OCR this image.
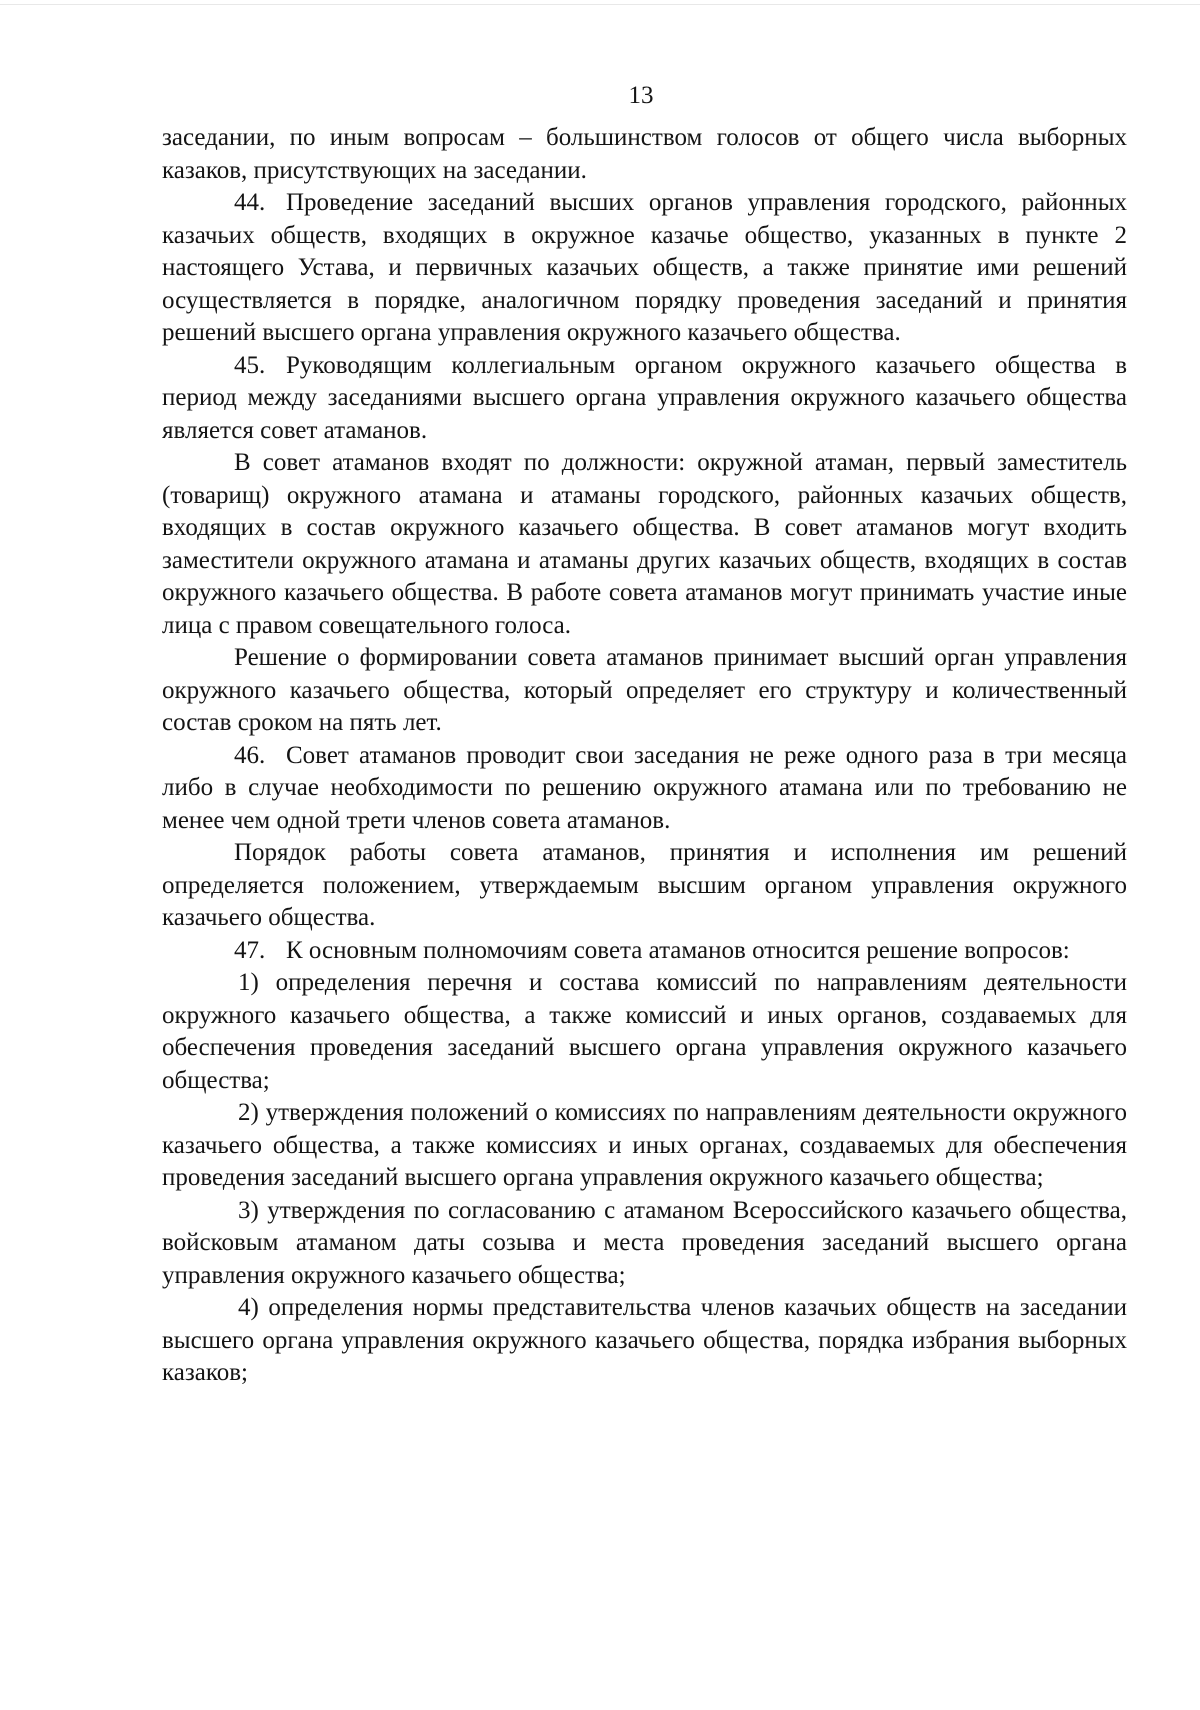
13

заседании, по иным вопросам – большинством голосов от общего числа выборных казаков, присутствующих на заседании.

44. Проведение заседаний высших органов управления городского, районных казачьих обществ, входящих в окружное казачье общество, указанных в пункте 2 настоящего Устава, и первичных казачьих обществ, а также принятие ими решений осуществляется в порядке, аналогичном порядку проведения заседаний и принятия решений высшего органа управления окружного казачьего общества.

45. Руководящим коллегиальным органом окружного казачьего общества в период между заседаниями высшего органа управления окружного казачьего общества является совет атаманов.

В совет атаманов входят по должности: окружной атаман, первый заместитель (товарищ) окружного атамана и атаманы городского, районных казачьих обществ, входящих в состав окружного казачьего общества. В совет атаманов могут входить заместители окружного атамана и атаманы других казачьих обществ, входящих в состав окружного казачьего общества. В работе совета атаманов могут принимать участие иные лица с правом совещательного голоса.

Решение о формировании совета атаманов принимает высший орган управления окружного казачьего общества, который определяет его структуру и количественный состав сроком на пять лет.

46. Совет атаманов проводит свои заседания не реже одного раза в три месяца либо в случае необходимости по решению окружного атамана или по требованию не менее чем одной трети членов совета атаманов.

Порядок работы совета атаманов, принятия и исполнения им решений определяется положением, утверждаемым высшим органом управления окружного казачьего общества.

47. К основным полномочиям совета атаманов относится решение вопросов:

1) определения перечня и состава комиссий по направлениям деятельности окружного казачьего общества, а также комиссий и иных органов, создаваемых для обеспечения проведения заседаний высшего органа управления окружного казачьего общества;

2) утверждения положений о комиссиях по направлениям деятельности окружного казачьего общества, а также комиссиях и иных органах, создаваемых для обеспечения проведения заседаний высшего органа управления окружного казачьего общества;

3) утверждения по согласованию с атаманом Всероссийского казачьего общества, войсковым атаманом даты созыва и места проведения заседаний высшего органа управления окружного казачьего общества;

4) определения нормы представительства членов казачьих обществ на заседании высшего органа управления окружного казачьего общества, порядка избрания выборных казаков;
